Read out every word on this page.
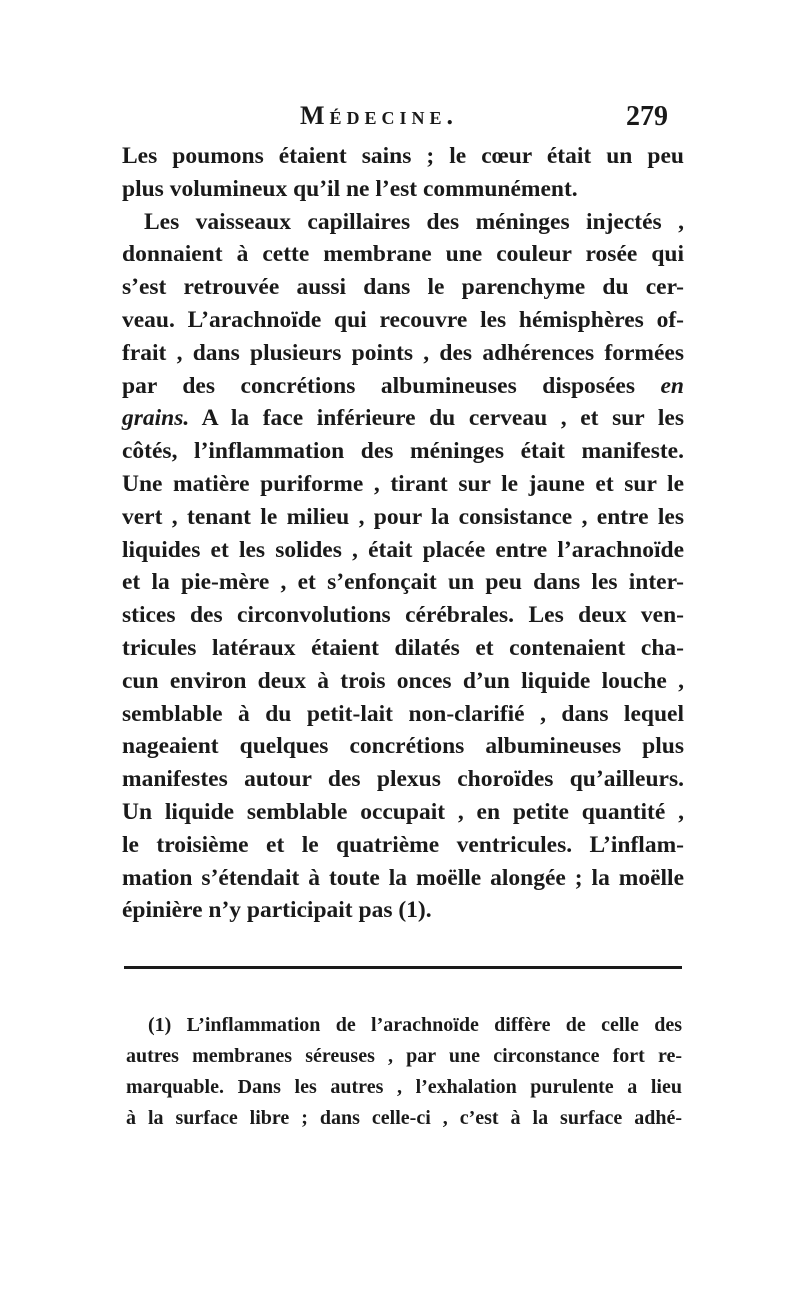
Médecine.	279
Les poumons étaient sains ; le cœur était un peu
plus volumineux qu’il ne l’est communément.
Les vaisseaux capillaires des méninges injectés ,
donnaient à cette membrane une couleur rosée qui
s’est retrouvée aussi dans le parenchyme du cer-
veau. L’arachnoïde qui recouvre les hémisphères of-
frait , dans plusieurs points , des adhérences formées
par des concrétions albumineuses disposées en
grains. A la face inférieure du cerveau , et sur les
côtés, l’inflammation des méninges était manifeste.
Une matière puriforme , tirant sur le jaune et sur le
vert , tenant le milieu , pour la consistance , entre les
liquides et les solides , était placée entre l’arachnoïde
et la pie-mère , et s’enfonçait un peu dans les inter-
stices des circonvolutions cérébrales. Les deux ven-
tricules latéraux étaient dilatés et contenaient cha-
cun environ deux à trois onces d’un liquide louche ,
semblable à du petit-lait non-clarifié , dans lequel
nageaient quelques concrétions albumineuses plus
manifestes autour des plexus choroïdes qu’ailleurs.
Un liquide semblable occupait , en petite quantité ,
le troisième et le quatrième ventricules. L’inflam-
mation s’étendait à toute la moëlle alongée ; la moëlle
épinière n’y participait pas (1).
(1) L’inflammation de l’arachnoïde diffère de celle des
autres membranes séreuses , par une circonstance fort re-
marquable. Dans les autres , l’exhalation purulente a lieu
à la surface libre ; dans celle-ci , c’est à la surface adhé-
